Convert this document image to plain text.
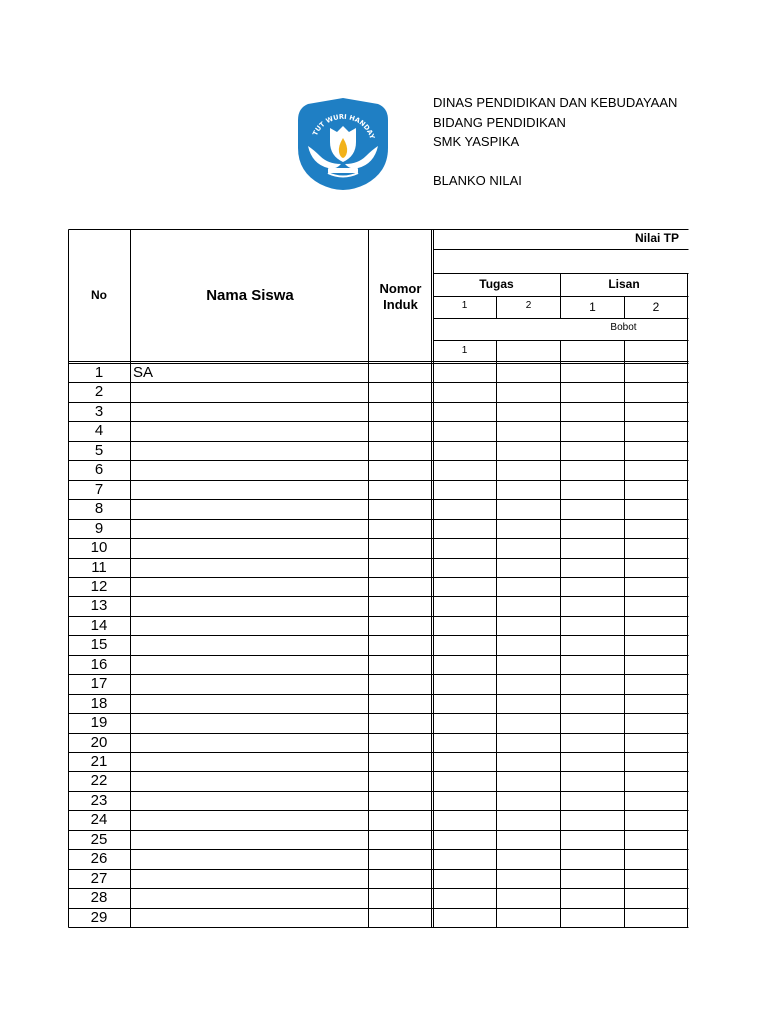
TUT WURI HANDAY
DINAS PENDIDIKAN DAN KEBUDAYAAN
BIDANG PENDIDIKAN
SMK YASPIKA
BLANKO NILAI
No	Nama Siswa	Nomor
Induk
Nilai TP
Tugas	Lisan
1	2	1	2
Bobot
1
1	SA
2
3
4
5
6
7
8
9
10
11
12
13
14
15
16
17
18
19
20
21
22
23
24
25
26
27
28
29
